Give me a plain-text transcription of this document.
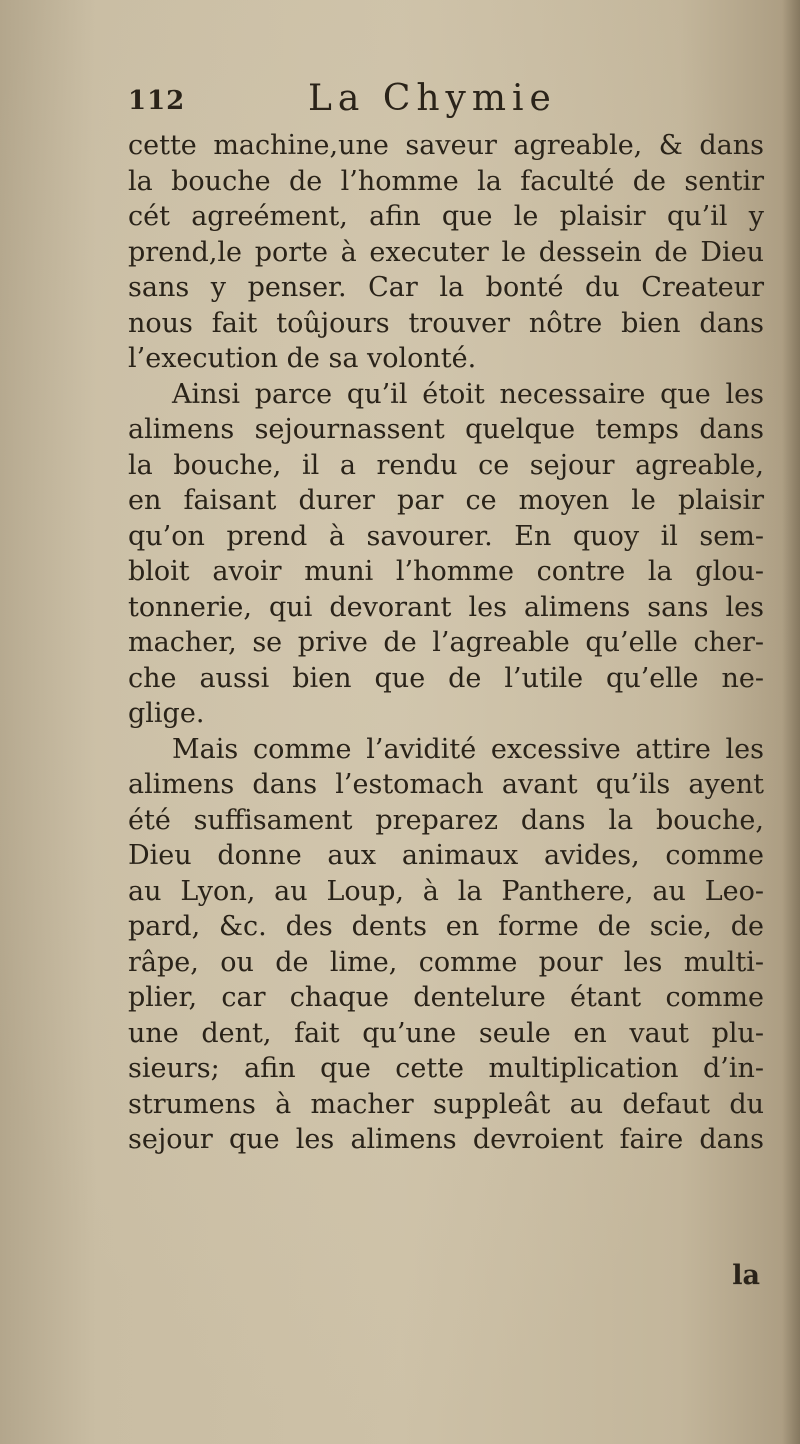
112	La Chymie
cette machine,une saveur agreable, & dans
la bouche de l’homme la faculté de sentir
cét agreément, afin que le plaisir qu’il y
prend,le porte à executer le dessein de Dieu
sans y penser. Car la bonté du Createur
nous fait toûjours trouver nôtre bien dans
l’execution de sa volonté.
Ainsi parce qu’il étoit necessaire que les
alimens sejournassent quelque temps dans
la bouche, il a rendu ce sejour agreable,
en faisant durer par ce moyen le plaisir
qu’on prend à savourer. En quoy il sem-
bloit avoir muni l’homme contre la glou-
tonnerie, qui devorant les alimens sans les
macher, se prive de l’agreable qu’elle cher-
che aussi bien que de l’utile qu’elle ne-
glige.
Mais comme l’avidité excessive attire les
alimens dans l’estomach avant qu’ils ayent
été suffisament preparez dans la bouche,
Dieu donne aux animaux avides, comme
au Lyon, au Loup, à la Panthere, au Leo-
pard, &c. des dents en forme de scie, de
râpe, ou de lime, comme pour les multi-
plier, car chaque dentelure étant comme
une dent, fait qu’une seule en vaut plu-
sieurs; afin que cette multiplication d’in-
strumens à macher suppleât au defaut du
sejour que les alimens devroient faire dans
la
